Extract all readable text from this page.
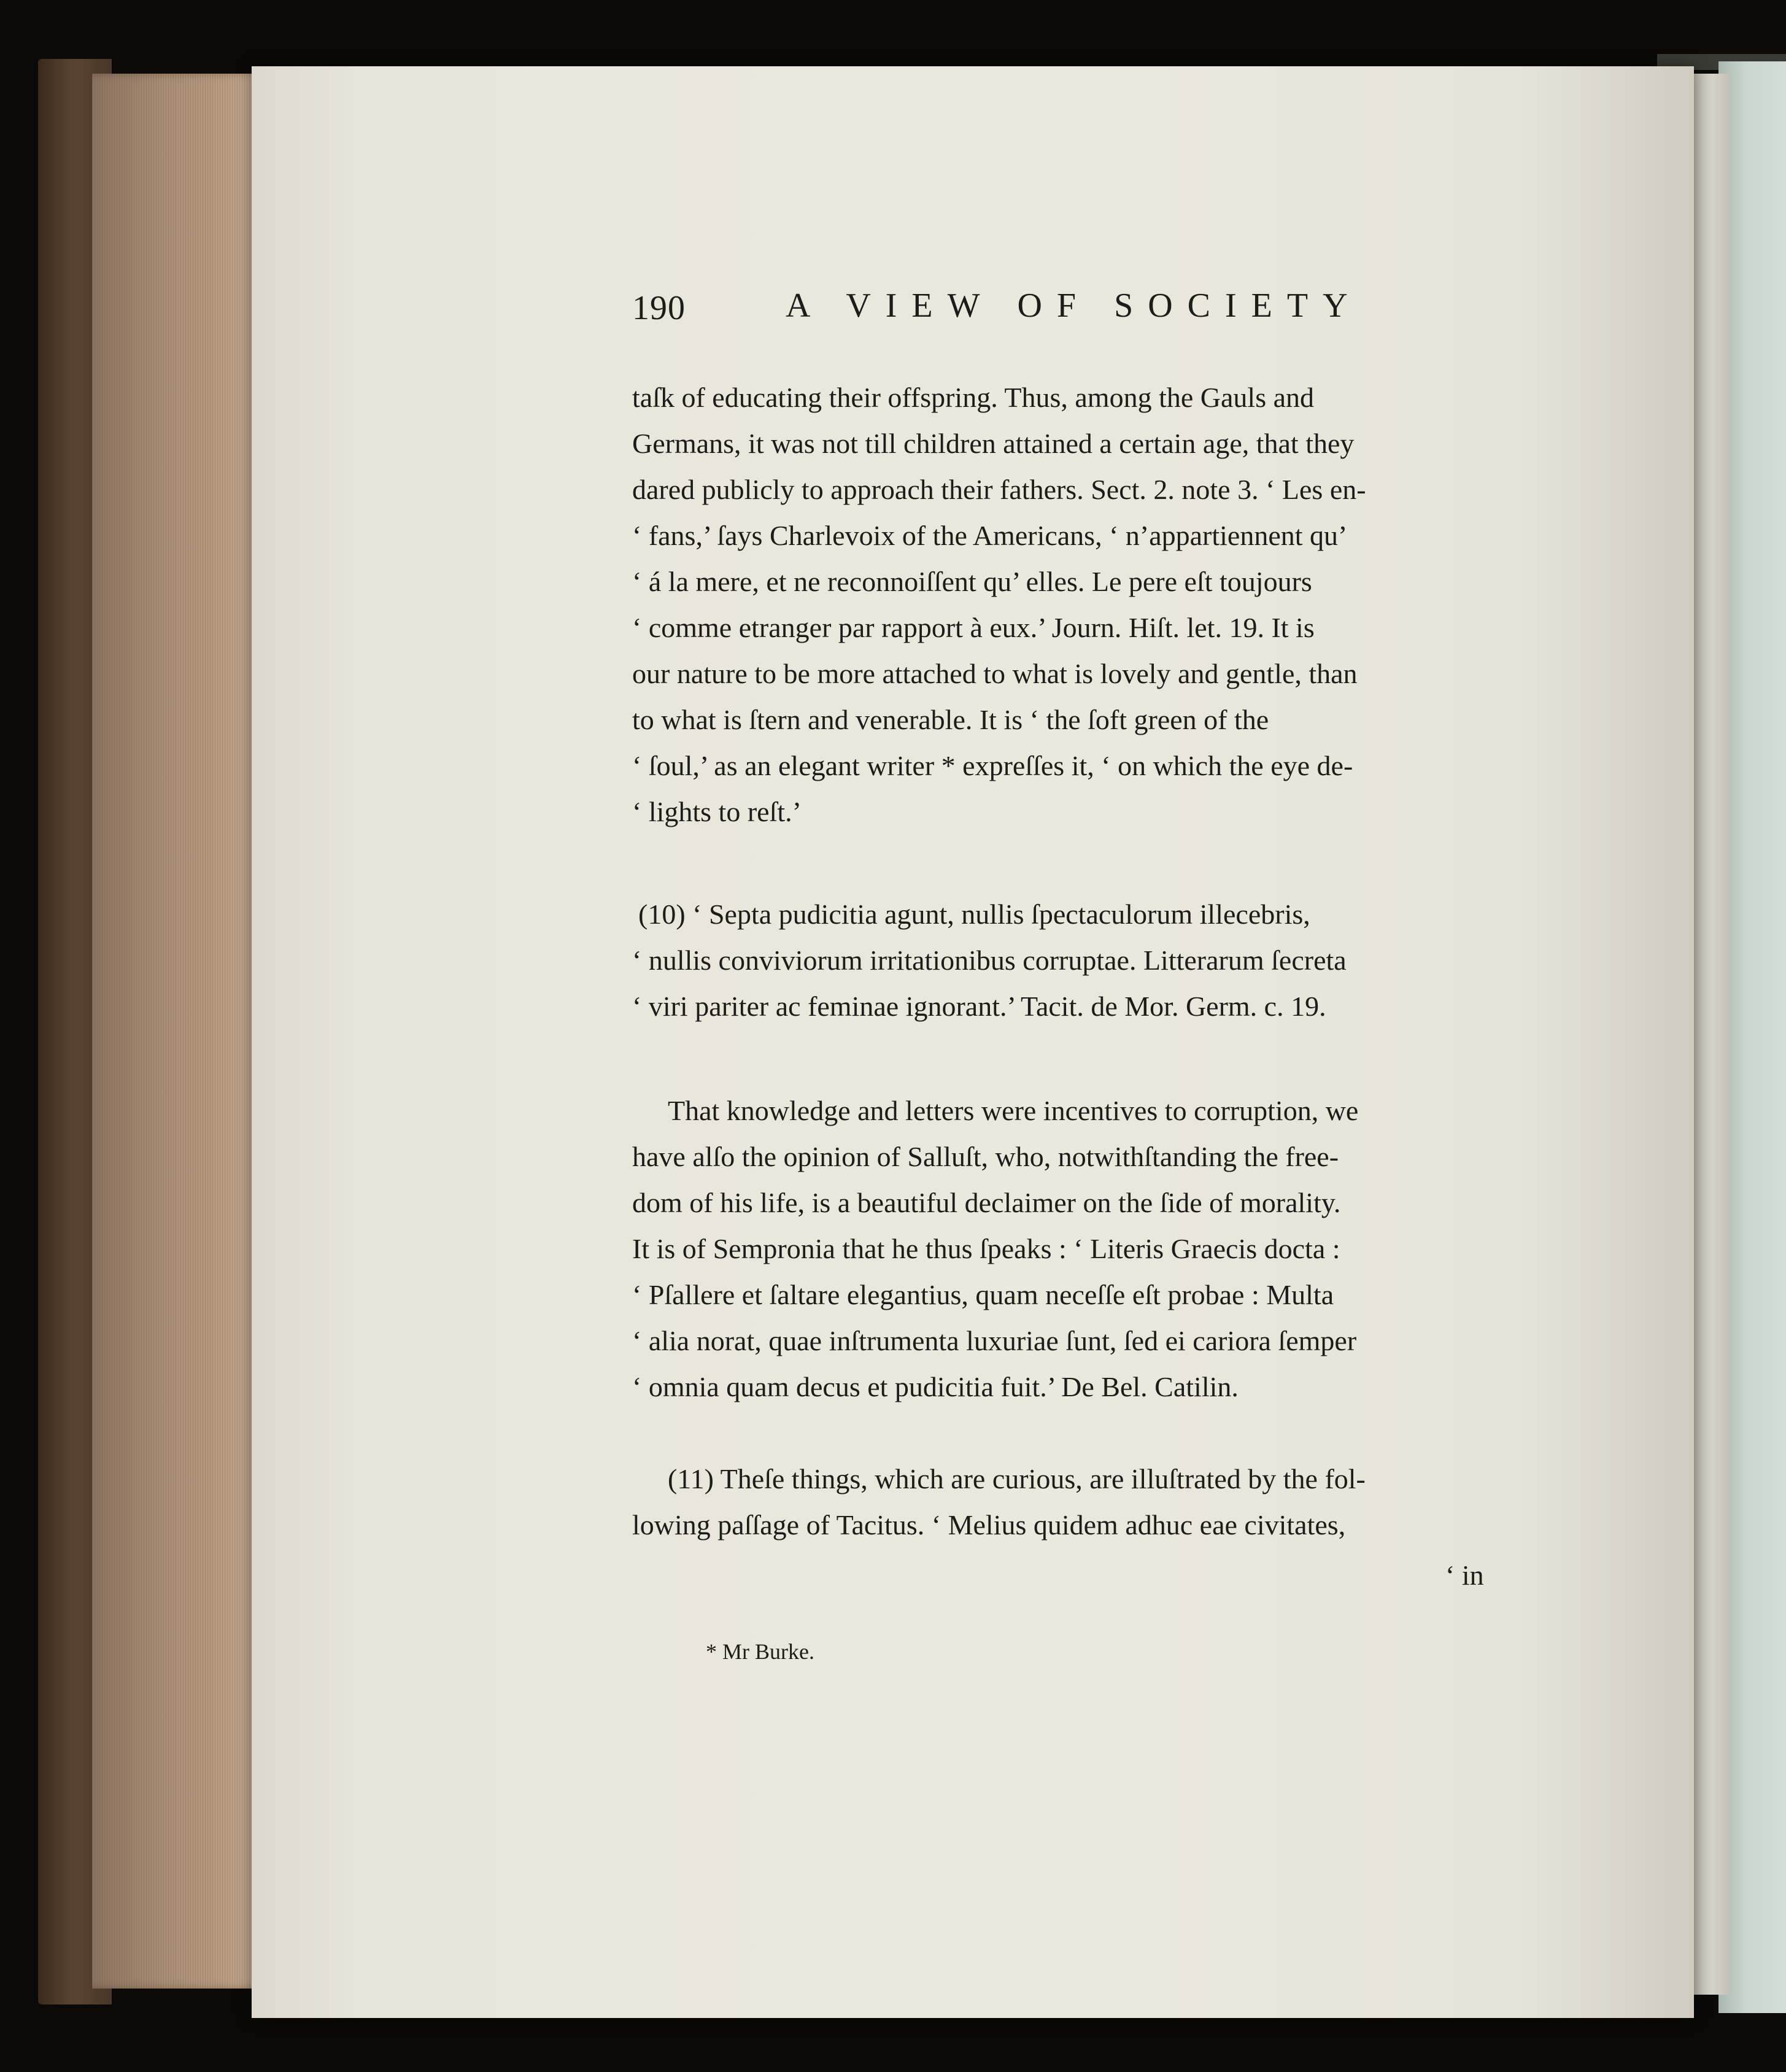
190	A VIEW OF SOCIETY
taſk of educating their offspring. Thus, among the Gauls and
Germans, it was not till children attained a certain age, that they
dared publicly to approach their fathers. Sect. 2. note 3. ‘ Les en-
‘ fans,’ ſays Charlevoix of the Americans, ‘ n’appartiennent qu’
‘ á la mere, et ne reconnoiſſent qu’ elles. Le pere eſt toujours
‘ comme etranger par rapport à eux.’ Journ. Hiſt. let. 19. It is
our nature to be more attached to what is lovely and gentle, than
to what is ſtern and venerable. It is ‘ the ſoft green of the
‘ ſoul,’ as an elegant writer * expreſſes it, ‘ on which the eye de-
‘ lights to reſt.’
(10) ‘ Septa pudicitia agunt, nullis ſpectaculorum illecebris,
‘ nullis conviviorum irritationibus corruptae. Litterarum ſecreta
‘ viri pariter ac feminae ignorant.’ Tacit. de Mor. Germ. c. 19.
That knowledge and letters were incentives to corruption, we
have alſo the opinion of Salluſt, who, notwithſtanding the free-
dom of his life, is a beautiful declaimer on the ſide of morality.
It is of Sempronia that he thus ſpeaks : ‘ Literis Graecis docta :
‘ Pſallere et ſaltare elegantius, quam neceſſe eſt probae : Multa
‘ alia norat, quae inſtrumenta luxuriae ſunt, ſed ei cariora ſemper
‘ omnia quam decus et pudicitia fuit.’ De Bel. Catilin.
(11) Theſe things, which are curious, are illuſtrated by the fol-
lowing paſſage of Tacitus. ‘ Melius quidem adhuc eae civitates,
* Mr Burke.
‘ in
